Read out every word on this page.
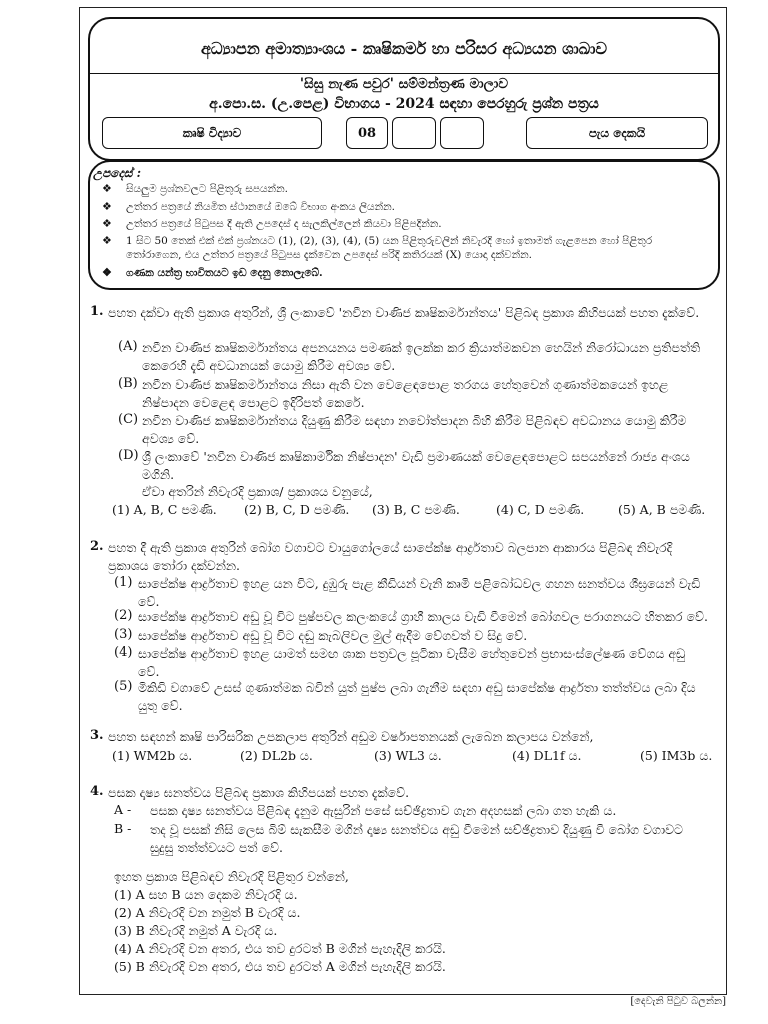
අධ්‍යාපන අමාත්‍යාංශය - කෘෂිකර්ම හා පරිසර අධ්‍යයන ශාඛාව
'සිසු නැණ පවුර' සම්මන්ත්‍රණ මාලාව
අ.පො.ස. (උ.පෙළ) විභාගය - 2024 සඳහා පෙරහුරු ප්‍රශ්න පත්‍රය
කෘෂි විද්‍යාව	08	පැය දෙකයි
උපදෙස් :
❖ සියලුම ප්‍රශ්නවලට පිළිතුරු සපයන්න.
❖ උත්තර පත්‍රයේ නියමිත ස්ථානයේ ඔබේ විභාග අංකය ලියන්න.
❖ උත්තර පත්‍රයේ පිටුපස දී ඇති උපදෙස් ද සැලකිල්ලෙන් කියවා පිළිපදින්න.
❖ 1 සිට 50 තෙක් එක් එක් ප්‍රශ්නයට (1), (2), (3), (4), (5) යන පිළිතුරුවලින් නිවැරදි හෝ ඉතාමත් ගැළපෙන හෝ පිළිතුර තෝරාගෙන, එය උත්තර පත්‍රයේ පිටුපස දැක්වෙන උපදෙස් පරිදි කතිරයක් (X) යොදා දක්වන්න.
❖ ගණක යන්ත්‍ර භාවිතයට ඉඩ දෙනු නොලැබේ.
1. පහත දක්වා ඇති ප්‍රකාශ අතුරින්, ශ්‍රී ලංකාවේ 'නවීන වාණිජ කෘෂිකර්මාන්තය' පිළිබඳ ප්‍රකාශ කිහිපයක් පහත දැක්වේ.
(A) නවීන වාණිජ කෘෂිකර්මාන්තය අපනයනය පමණක් ඉලක්ක කර ක්‍රියාත්මකවන හෙයින් නිරෝධායන ප්‍රතිපත්ති කෙරෙහි දැඩි අවධානයක් යොමු කිරීම අවශ්‍ය වේ.
(B) නවීන වාණිජ කෘෂිකර්මාන්තය නිසා ඇති වන වෙළෙඳපොළ තරගය හේතුවෙන් ගුණාත්මකයෙන් ඉහළ නිෂ්පාදන වෙළෙඳ පොළට ඉදිරිපත් කෙරේ.
(C) නවීන වාණිජ කෘෂිකර්මාන්තය දියුණු කිරීම සඳහා නවෝත්පාදන බිහි කිරීම පිළිබඳව අවධානය යොමු කිරීම අවශ්‍ය වේ.
(D) ශ්‍රී ලංකාවේ 'නවීන වාණිජ කෘෂිකාර්මික නිෂ්පාදන' වැඩි ප්‍රමාණයක් වෙළෙඳපොළට සපයන්නේ රාජ්‍ය අංශය මගිනි.
ඒවා අතරින් නිවැරදි ප්‍රකාශ/ ප්‍රකාශය වනුයේ,
(1) A, B, C පමණි. (2) B, C, D පමණි. (3) B, C පමණි.	(4) C, D පමණි.	(5) A, B පමණි.
2. පහත දී ඇති ප්‍රකාශ අතුරින් බෝග වගාවට වායුගෝලයේ සාපේක්ෂ ආර්ද්‍රතාව බලපාන ආකාරය පිළිබඳ නිවැරදි ප්‍රකාශය තෝරා දක්වන්න.
(1) සාපේක්ෂ ආර්ද්‍රතාව ඉහළ යන විට, දුඹුරු පැළ කීඩියන් වැනි කෘමි පළිබෝධවල ගහන ඝනත්වය ශීඝ්‍රයෙන් වැඩි වේ.
(2) සාපේක්ෂ ආර්ද්‍රතාව අඩු වූ විට පුෂ්පවල කලංකයේ ග්‍රාහී කාලය වැඩි වීමෙන් බෝගවල පරාගනයට හිතකර වේ.
(3) සාපේක්ෂ ආර්ද්‍රතාව අඩු වූ විට දඬු කැබලිවල මුල් ඇදීම වේගවත් ව සිදු වේ.
(4) සාපේක්ෂ ආර්ද්‍රතාව ඉහළ යාමත් සමඟ ශාක පත්‍රවල පූටිකා වැසීම හේතුවෙන් ප්‍රභාසංස්ලේෂණ වේගය අඩු වේ.
(5) මිකිඩි වගාවේ උසස් ගුණාත්මක බවින් යුත් පුෂ්ප ලබා ගැනීම සඳහා අඩු සාපේක්ෂ ආර්ද්‍රතා තත්ත්වය ලබා දිය යුතු වේ.
3. පහත සඳහන් කෘෂි පාරිසරික උපකලාප අතුරින් අඩුම වර්ෂාපතනයක් ලැබෙන කලාපය වන්නේ,
(1) WM2b ය.	(2) DL2b ය.	(3) WL3 ය.	(4) DL1f ය.	(5) IM3b ය.
4. පසක දෘෂ්‍ය ඝනත්වය පිළිබඳ ප්‍රකාශ කිහිපයක් පහත දැක්වේ.
A - පසක දෘෂ්‍ය ඝනත්වය පිළිබඳ දැනුම ඇසුරින් පසේ සච්ඡිද්‍රතාව ගැන අදහසක් ලබා ගත හැකි ය.
B - තද වූ පසක් නිසි ලෙස බිම් සැකසීම මගින් දෘෂ්‍ය ඝනත්වය අඩු වීමෙන් සච්ඡිද්‍රතාව දියුණු වී බෝග වගාවට සුදුසු තත්ත්වයට පත් වේ.
ඉහත ප්‍රකාශ පිළිබඳව නිවැරදි පිළිතුර වන්නේ,
(1) A සහ B යන දෙකම නිවැරදි ය.
(2) A නිවැරදි වන නමුත් B වැරදි ය.
(3) B නිවැරදි නමුත් A වැරදි ය.
(4) A නිවැරදි වන අතර, එය තව දුරටත් B මගින් පැහැදිලි කරයි.
(5) B නිවැරදි වන අතර, එය තව දුරටත් A මගින් පැහැදිලි කරයි.
[දෙවැනි පිටුව බලන්න]
